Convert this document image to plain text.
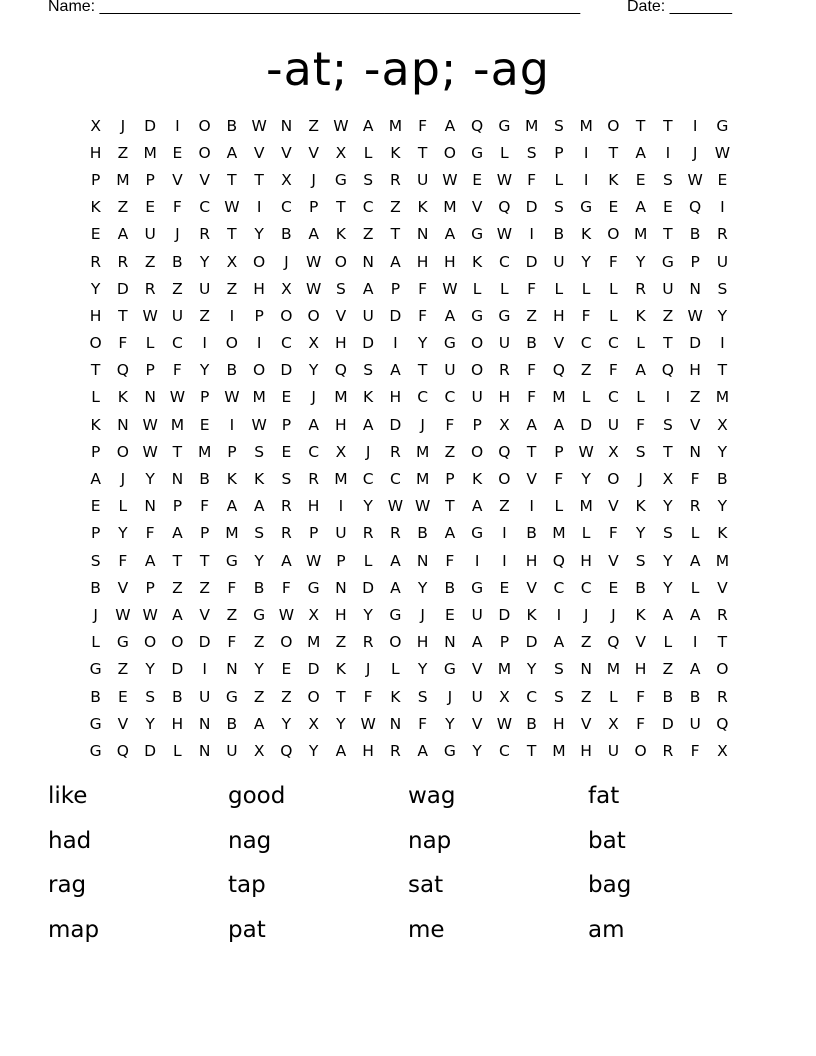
Name: ______________________________________________________	Date: _______
-at; -ap; -ag
X	J	D	I	O	B W N	Z W A M	F	A	Q G M	S	M O	T	T	I	G
H	Z M	E	O	A	V	V	V	X	L	K	T	O G	L	S	P	I	T	A	I	J	W
P	M	P	V	V	T	T	X	J	G	S	R	U W E W F	L	I	K	E	S W E
K	Z	E	F	C W	I	C	P	T	C	Z	K M V	Q D	S	G	E	A	E	Q	I
E	A	U	J	R	T	Y	B	A	K	Z	T	N	A	G W	I	B	K	O M	T	B	R
R	R	Z	B	Y	X	O	J	W O N	A	H	H	K	C	D	U	Y	F	Y	G	P	U
Y	D	R	Z	U	Z	H	X W S	A	P	F W L	L	F	L	L	L	R	U	N	S
H	T W U	Z	I	P	O O	V	U	D	F	A	G G	Z	H	F	L	K	Z W Y
O	F	L	C	I	O	I	C	X	H D	I	Y	G O U	B	V	C	C	L	T	D	I
T	Q	P	F	Y	B	O D	Y	Q	S	A	T	U O	R	F	Q	Z	F	A	Q H	T
L	K	N W P W M	E	J	M K	H	C	C	U	H	F	M	L	C	L	I	Z M
K	N W M	E	I	W P	A	H	A	D	J	F	P	X	A	A	D	U	F	S	V	X
P	O W T	M	P	S	E	C	X	J	R M Z	O Q	T	P W X	S	T	N	Y
A	J	Y	N	B	K	K	S	R M C	C M	P	K	O	V	F	Y	O	J	X	F	B
E	L	N	P	F	A	A	R	H	I	Y W W T	A	Z	I	L	M V	K	Y	R	Y
P	Y	F	A	P	M	S	R	P	U	R	R	B	A	G	I	B M	L	F	Y	S	L	K
S	F	A	T	T	G	Y	A W P	L	A	N	F	I	I	H Q H	V	S	Y	A M
B	V	P	Z	Z	F	B	F	G N D	A	Y	B	G	E	V	C	C	E	B	Y	L	V
J	W W A	V	Z	G W X	H	Y	G	J	E	U	D	K	I	J	J	K	A	A	R
L	G O O D	F	Z	O M Z	R	O H	N	A	P	D	A	Z	Q	V	L	I	T
G	Z	Y	D	I	N	Y	E	D	K	J	L	Y	G	V M	Y	S	N M H	Z	A	O
B	E	S	B	U	G	Z	Z	O	T	F	K	S	J	U	X	C	S	Z	L	F	B	B	R
G	V	Y	H	N	B	A	Y	X	Y W N	F	Y	V W B	H	V	X	F	D	U Q
G Q D	L	N	U	X	Q	Y	A	H	R	A	G	Y	C	T	M H	U O	R	F	X
like	good	wag	fat
had	nag	nap	bat
rag	tap	sat	bag
map	pat	me	am
